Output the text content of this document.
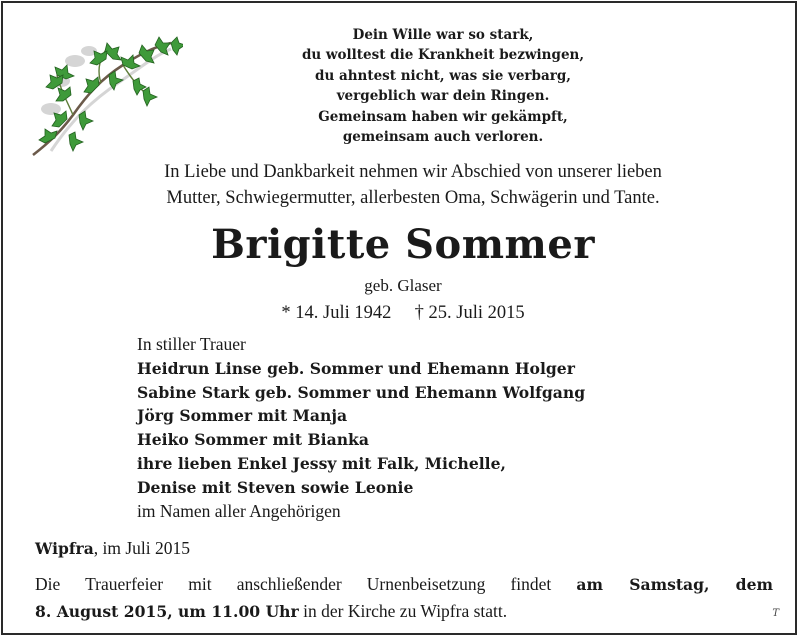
Dein Wille war so stark,
du wolltest die Krankheit bezwingen,
du ahntest nicht, was sie verbarg,
vergeblich war dein Ringen.
Gemeinsam haben wir gekämpft,
gemeinsam auch verloren.
In Liebe und Dankbarkeit nehmen wir Abschied von unserer lieben
Mutter, Schwiegermutter, allerbesten Oma, Schwägerin und Tante.
Brigitte Sommer
geb. Glaser
* 14. Juli 1942 † 25. Juli 2015
In stiller Trauer
Heidrun Linse geb. Sommer und Ehemann Holger
Sabine Stark geb. Sommer und Ehemann Wolfgang
Jörg Sommer mit Manja
Heiko Sommer mit Bianka
ihre lieben Enkel Jessy mit Falk, Michelle,
Denise mit Steven sowie Leonie
im Namen aller Angehörigen
Wipfra, im Juli 2015
Die Trauerfeier mit anschließender Urnenbeisetzung findet am Samstag, dem
8. August 2015, um 11.00 Uhr in der Kirche zu Wipfra statt.	T
